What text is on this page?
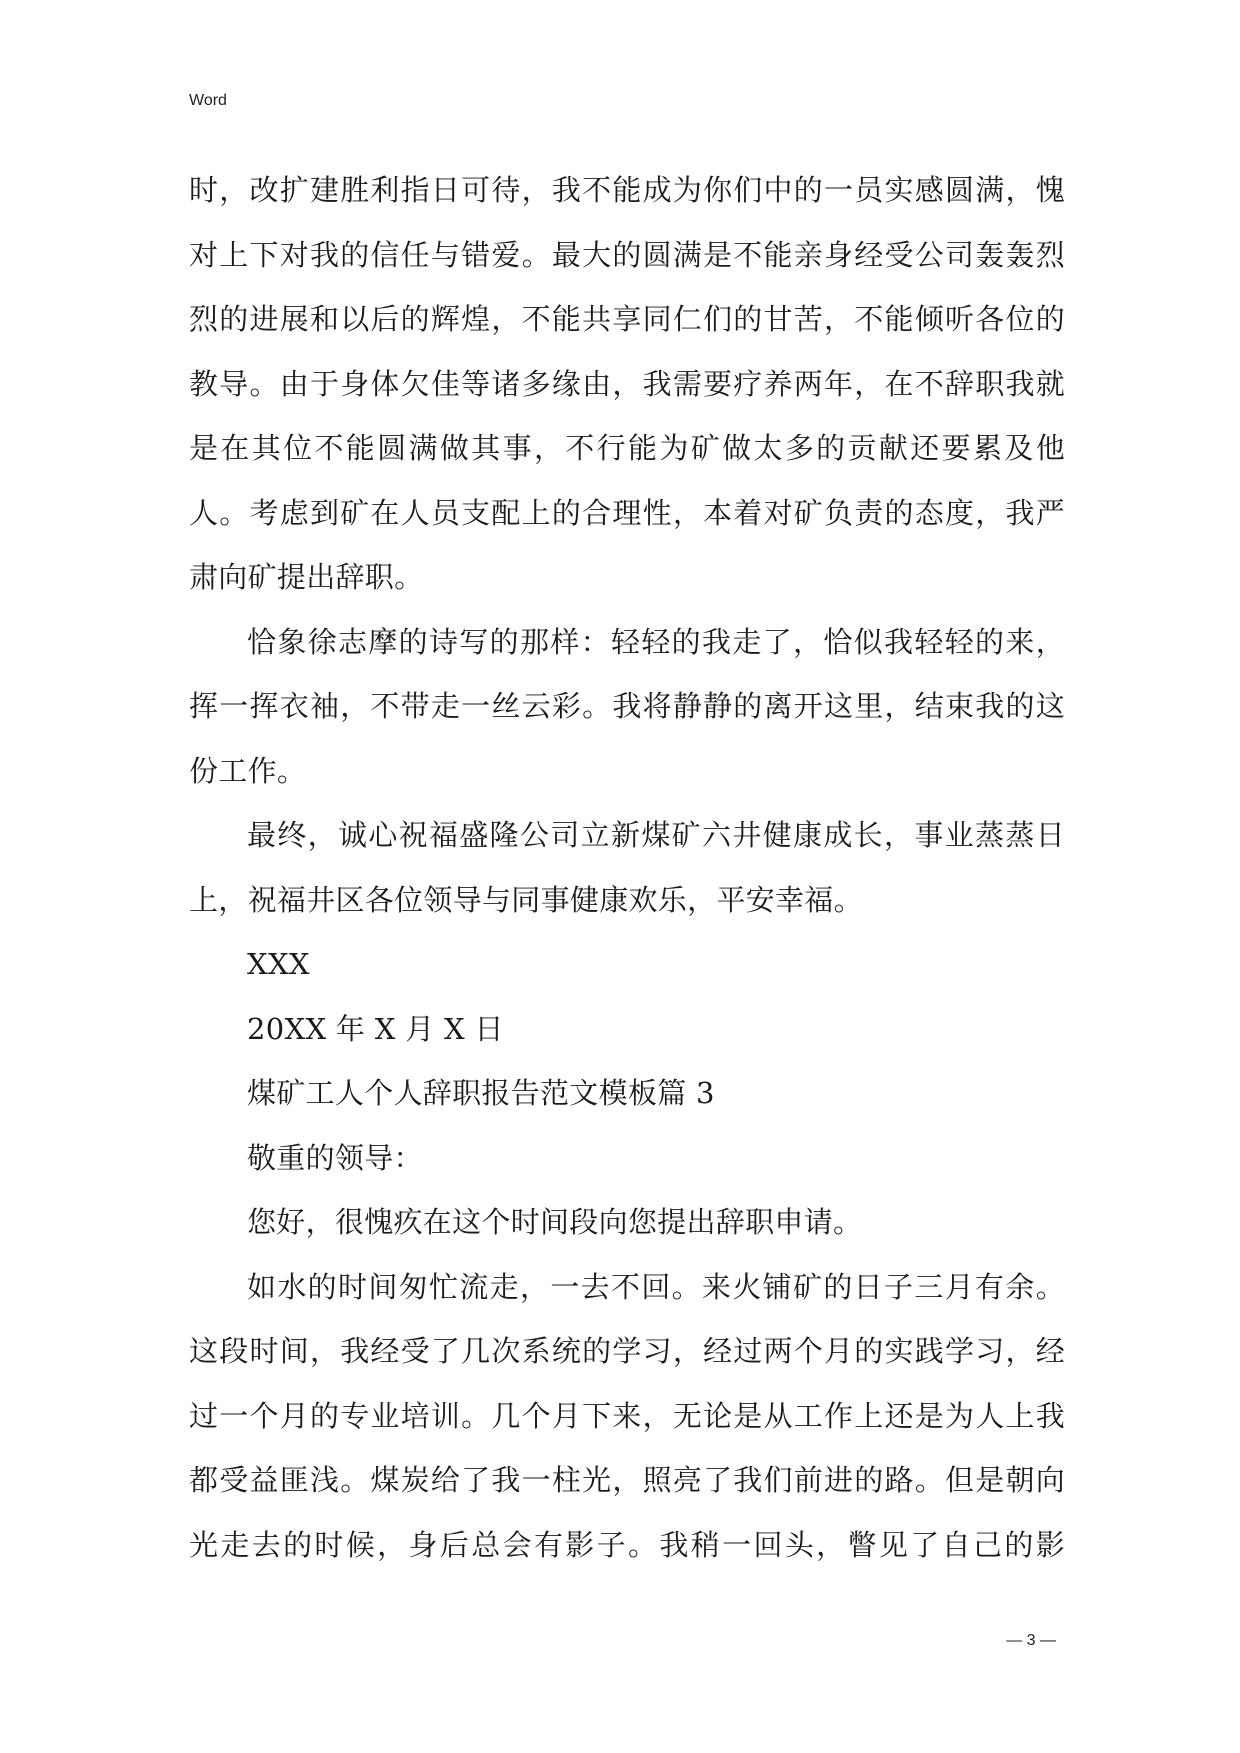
Word
时，改扩建胜利指日可待，我不能成为你们中的一员实感圆满，愧
对上下对我的信任与错爱。最大的圆满是不能亲身经受公司轰轰烈
烈的进展和以后的辉煌，不能共享同仁们的甘苦，不能倾听各位的
教导。由于身体欠佳等诸多缘由，我需要疗养两年，在不辞职我就
是在其位不能圆满做其事，不行能为矿做太多的贡献还要累及他
人。考虑到矿在人员支配上的合理性，本着对矿负责的态度，我严
肃向矿提出辞职。
恰象徐志摩的诗写的那样：轻轻的我走了，恰似我轻轻的来，
挥一挥衣袖，不带走一丝云彩。我将静静的离开这里，结束我的这
份工作。
最终，诚心祝福盛隆公司立新煤矿六井健康成长，事业蒸蒸日
上，祝福井区各位领导与同事健康欢乐，平安幸福。
XXX
20XX 年 X 月 X 日
煤矿工人个人辞职报告范文模板篇 3
敬重的领导：
您好，很愧疚在这个时间段向您提出辞职申请。
如水的时间匆忙流走，一去不回。来火铺矿的日子三月有余。
这段时间，我经受了几次系统的学习，经过两个月的实践学习，经
过一个月的专业培训。几个月下来，无论是从工作上还是为人上我
都受益匪浅。煤炭给了我一柱光，照亮了我们前进的路。但是朝向
光走去的时候，身后总会有影子。我稍一回头，瞥见了自己的影
— 3 —
